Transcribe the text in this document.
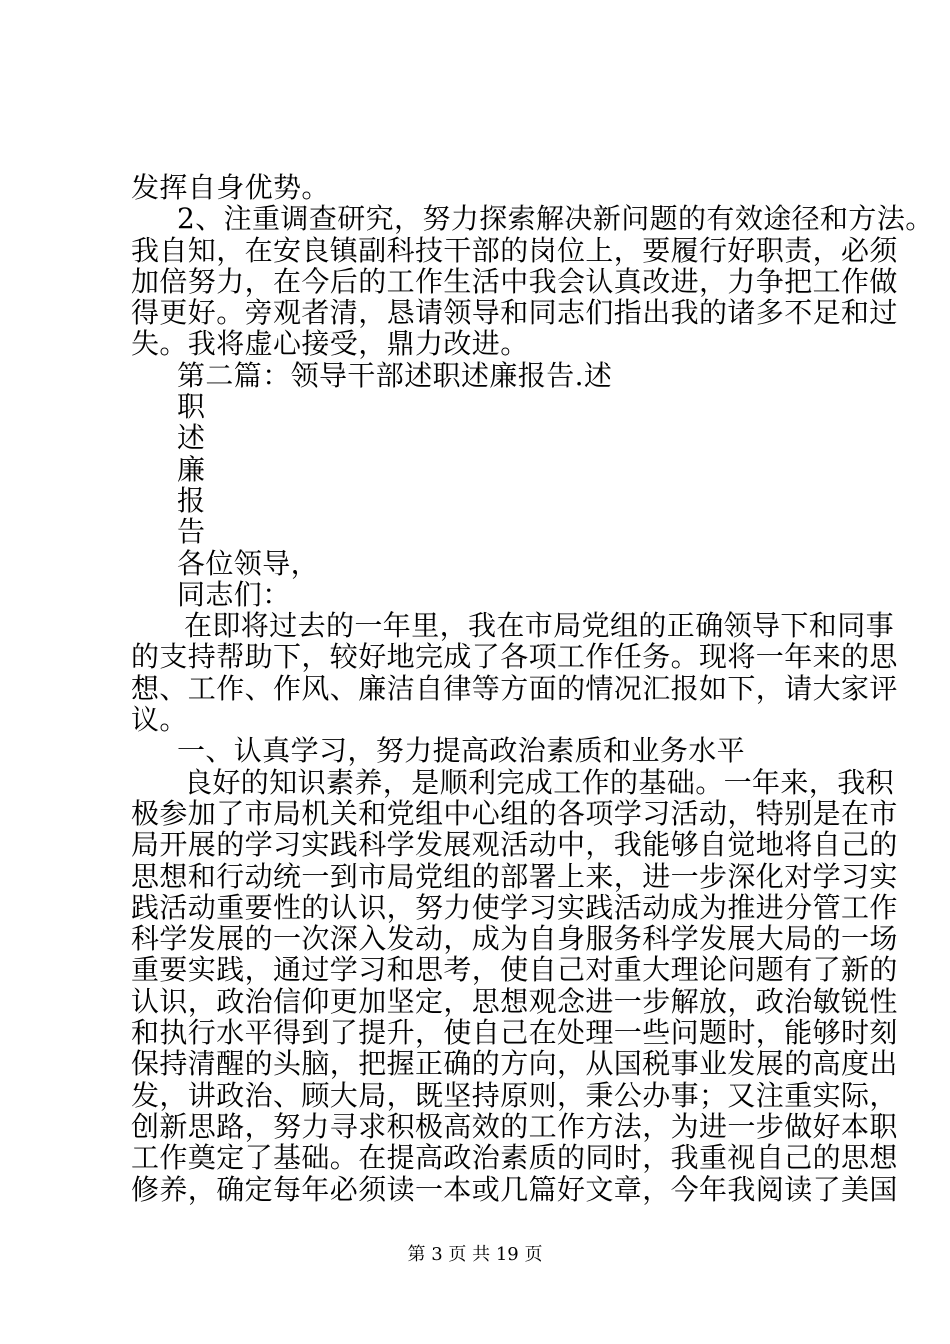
发挥自身优势。
2、注重调查研究，努力探索解决新问题的有效途径和方法。
我自知，在安良镇副科技干部的岗位上，要履行好职责，必须
加倍努力，在今后的工作生活中我会认真改进，力争把工作做
得更好。旁观者清，恳请领导和同志们指出我的诸多不足和过
失。我将虚心接受，鼎力改进。
第二篇：领导干部述职述廉报告.述
职
述
廉
报
告
各位领导，
同志们：
在即将过去的一年里，我在市局党组的正确领导下和同事
的支持帮助下，较好地完成了各项工作任务。现将一年来的思
想、工作、作风、廉洁自律等方面的情况汇报如下，请大家评
议。
一、认真学习，努力提高政治素质和业务水平
良好的知识素养，是顺利完成工作的基础。一年来，我积
极参加了市局机关和党组中心组的各项学习活动，特别是在市
局开展的学习实践科学发展观活动中，我能够自觉地将自己的
思想和行动统一到市局党组的部署上来，进一步深化对学习实
践活动重要性的认识，努力使学习实践活动成为推进分管工作
科学发展的一次深入发动，成为自身服务科学发展大局的一场
重要实践，通过学习和思考，使自己对重大理论问题有了新的
认识，政治信仰更加坚定，思想观念进一步解放，政治敏锐性
和执行水平得到了提升，使自己在处理一些问题时，能够时刻
保持清醒的头脑，把握正确的方向，从国税事业发展的高度出
发，讲政治、顾大局，既坚持原则，秉公办事；又注重实际，
创新思路，努力寻求积极高效的工作方法，为进一步做好本职
工作奠定了基础。在提高政治素质的同时，我重视自己的思想
修养，确定每年必须读一本或几篇好文章，今年我阅读了美国
第 3 页 共 19 页
